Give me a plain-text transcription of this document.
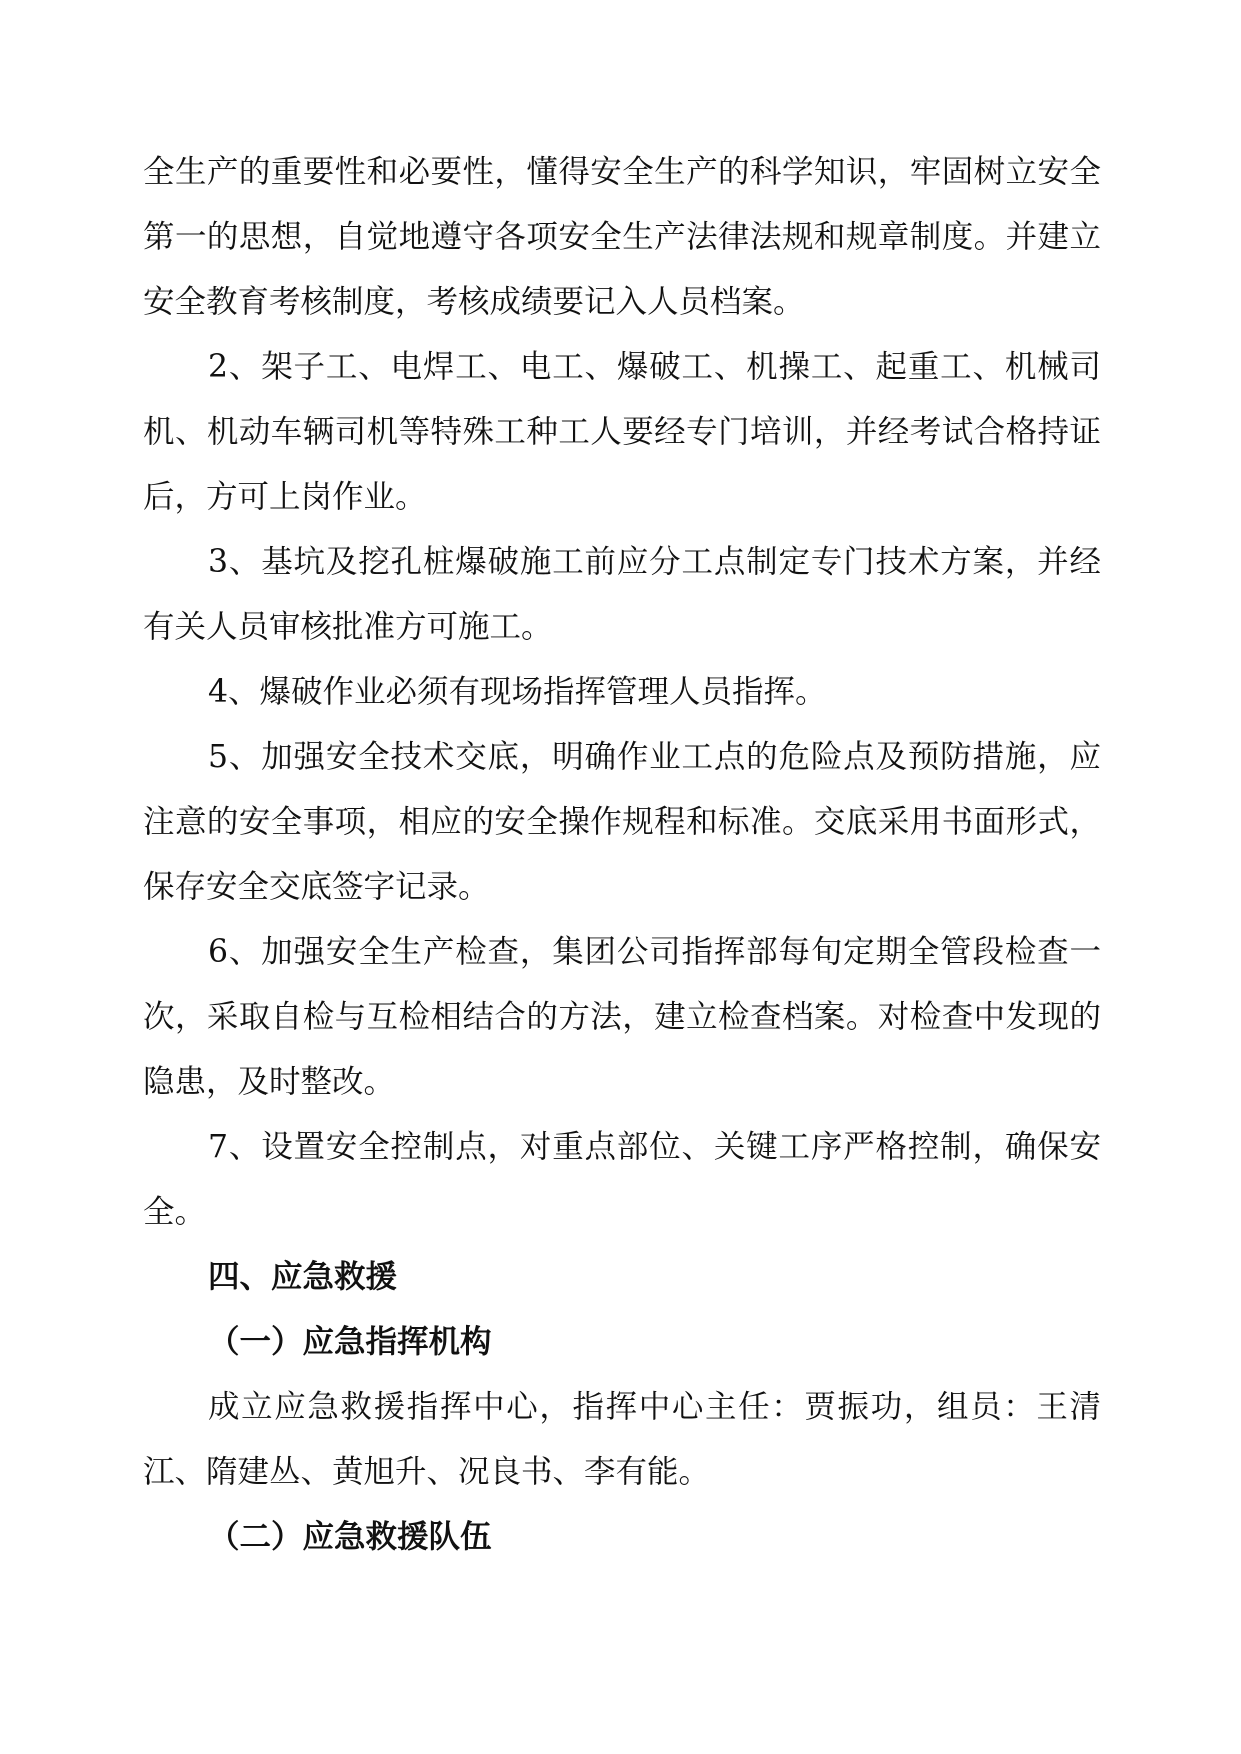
全生产的重要性和必要性，懂得安全生产的科学知识，牢固树立安全第一的思想，自觉地遵守各项安全生产法律法规和规章制度。并建立安全教育考核制度，考核成绩要记入人员档案。

2、架子工、电焊工、电工、爆破工、机操工、起重工、机械司机、机动车辆司机等特殊工种工人要经专门培训，并经考试合格持证后，方可上岗作业。

3、基坑及挖孔桩爆破施工前应分工点制定专门技术方案，并经有关人员审核批准方可施工。

4、爆破作业必须有现场指挥管理人员指挥。

5、加强安全技术交底，明确作业工点的危险点及预防措施，应注意的安全事项，相应的安全操作规程和标准。交底采用书面形式，保存安全交底签字记录。

6、加强安全生产检查，集团公司指挥部每旬定期全管段检查一次，采取自检与互检相结合的方法，建立检查档案。对检查中发现的隐患，及时整改。

7、设置安全控制点，对重点部位、关键工序严格控制，确保安全。

四、应急救援

（一）应急指挥机构

成立应急救援指挥中心，指挥中心主任：贾振功，组员：王清江、隋建丛、黄旭升、况良书、李有能。

（二）应急救援队伍
